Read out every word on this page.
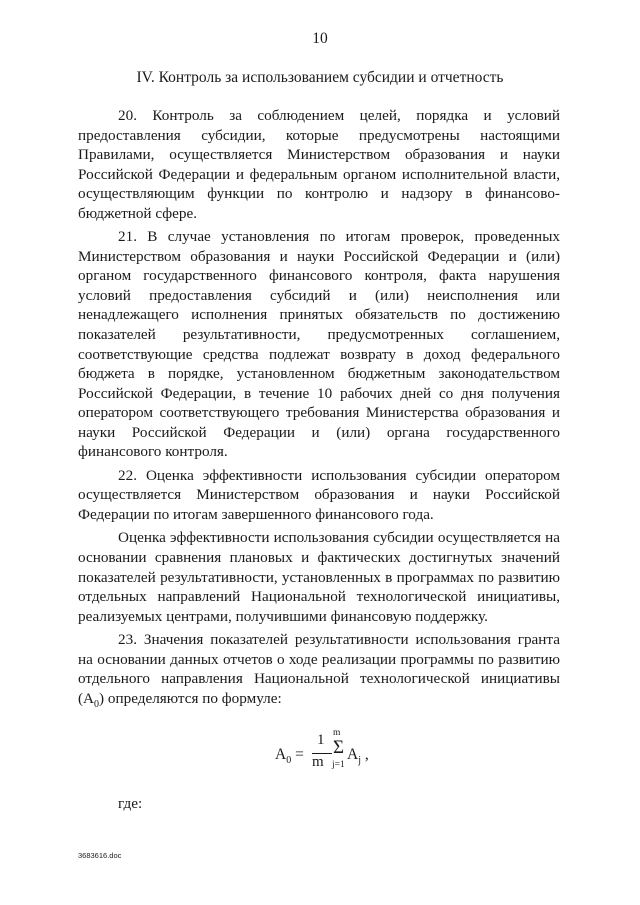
10
IV. Контроль за использованием субсидии и отчетность

20. Контроль за соблюдением целей, порядка и условий предоставления субсидии, которые предусмотрены настоящими Правилами, осуществляется Министерством образования и науки Российской Федерации и федеральным органом исполнительной власти, осуществляющим функции по контролю и надзору в финансово-бюджетной сфере.

21. В случае установления по итогам проверок, проведенных Министерством образования и науки Российской Федерации и (или) органом государственного финансового контроля, факта нарушения условий предоставления субсидий и (или) неисполнения или ненадлежащего исполнения принятых обязательств по достижению показателей результативности, предусмотренных соглашением, соответствующие средства подлежат возврату в доход федерального бюджета в порядке, установленном бюджетным законодательством Российской Федерации, в течение 10 рабочих дней со дня получения оператором соответствующего требования Министерства образования и науки Российской Федерации и (или) органа государственного финансового контроля.

22. Оценка эффективности использования субсидии оператором осуществляется Министерством образования и науки Российской Федерации по итогам завершенного финансового года.

Оценка эффективности использования субсидии осуществляется на основании сравнения плановых и фактических достигнутых значений показателей результативности, установленных в программах по развитию отдельных направлений Национальной технологической инициативы, реализуемых центрами, получившими финансовую поддержку.

23. Значения показателей результативности использования гранта на основании данных отчетов о ходе реализации программы по развитию отдельного направления Национальной технологической инициативы $(A_0)$ определяются по формуле:

$A_0$ =
1
m
m
Σ
j=1
$A_j$ ,
где:
3683616.doc
